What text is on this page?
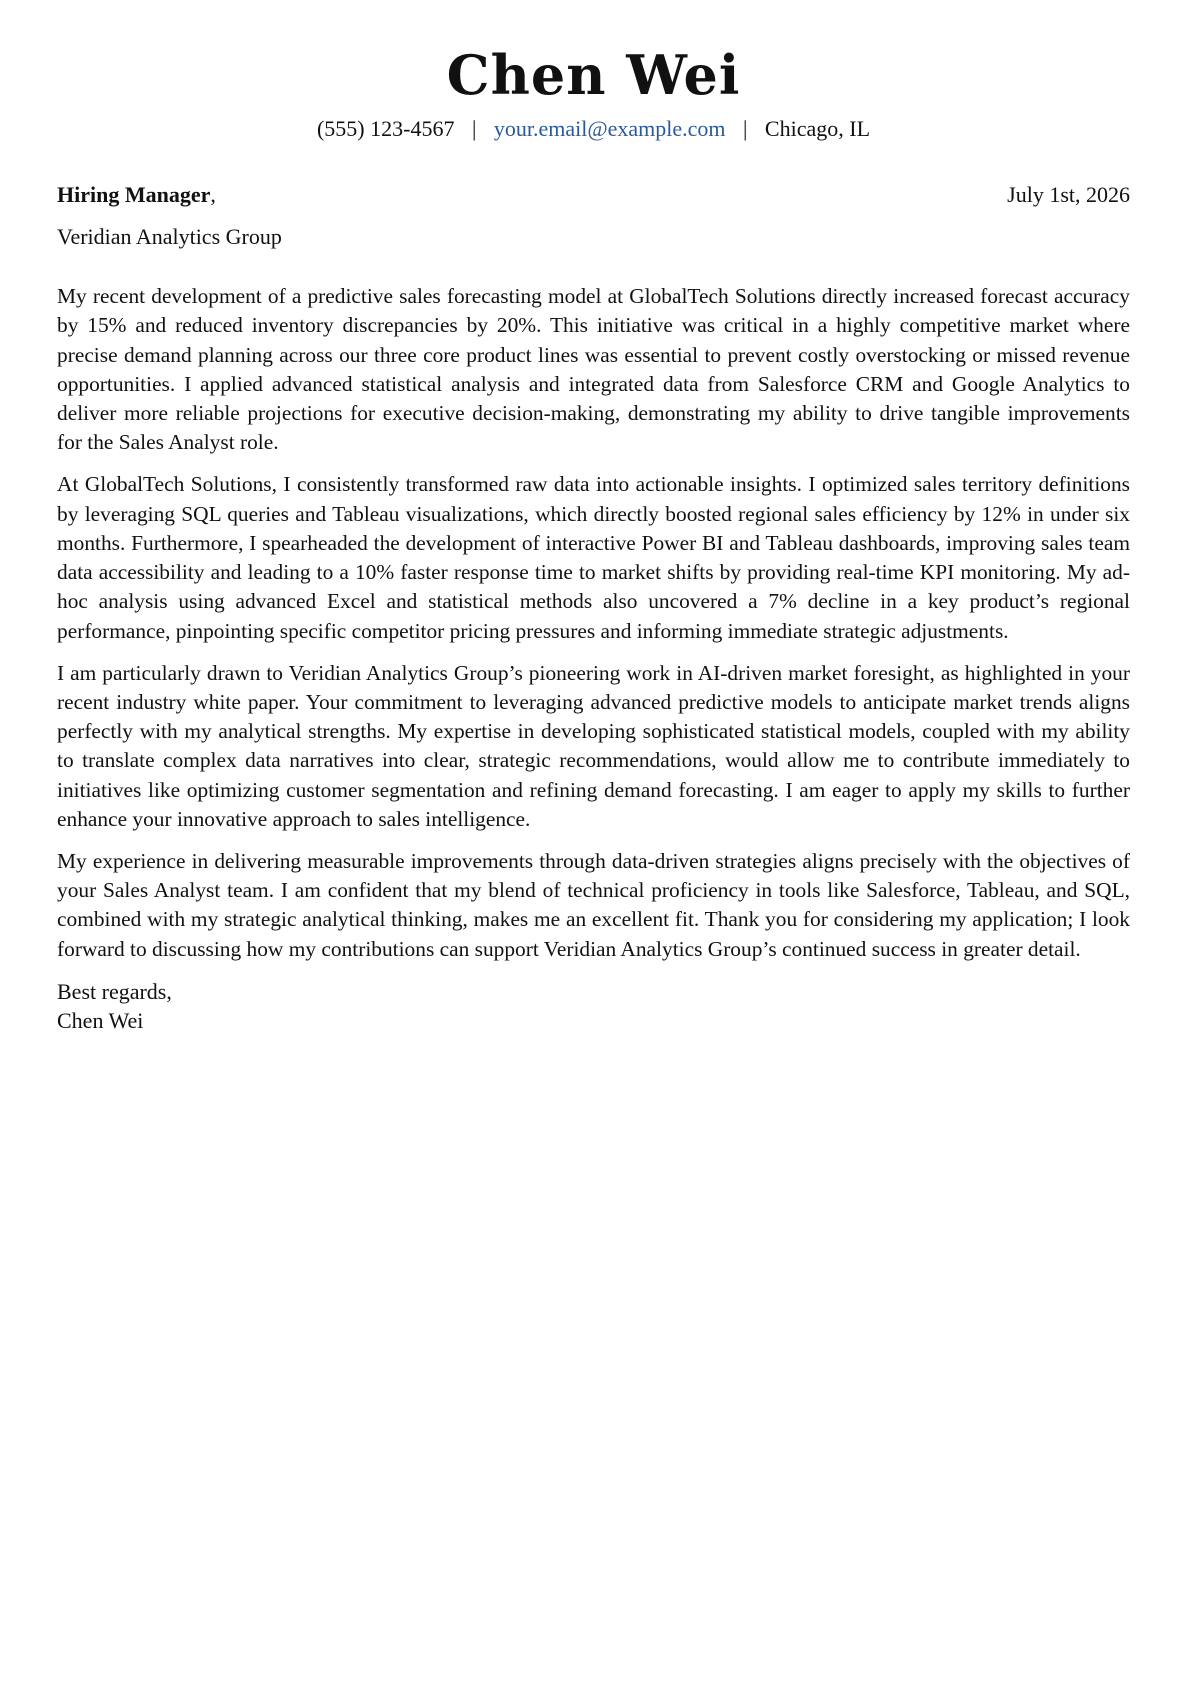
Chen Wei
(555) 123-4567 | your.email@example.com | Chicago, IL
Hiring Manager,	July 1st, 2026
Veridian Analytics Group

My recent development of a predictive sales forecasting model at GlobalTech Solutions directly increased forecast accuracy by 15% and reduced inventory discrepancies by 20%. This initiative was critical in a highly competitive market where precise demand planning across our three core product lines was essential to prevent costly overstocking or missed revenue opportunities. I applied advanced statistical analysis and integrated data from Salesforce CRM and Google Analytics to deliver more reliable projections for executive decision-making, demonstrating my ability to drive tangible improvements for the Sales Analyst role.

At GlobalTech Solutions, I consistently transformed raw data into actionable insights. I optimized sales territory definitions by leveraging SQL queries and Tableau visualizations, which directly boosted regional sales efficiency by 12% in under six months. Furthermore, I spearheaded the development of interactive Power BI and Tableau dashboards, improving sales team data accessibility and leading to a 10% faster response time to market shifts by providing real-time KPI monitoring. My ad-hoc analysis using advanced Excel and statistical methods also uncovered a 7% decline in a key product’s regional performance, pinpointing specific competitor pricing pressures and informing immediate strategic adjustments.

I am particularly drawn to Veridian Analytics Group’s pioneering work in AI-driven market foresight, as highlighted in your recent industry white paper. Your commitment to leveraging advanced predictive models to anticipate market trends aligns perfectly with my analytical strengths. My expertise in developing sophisticated statistical models, coupled with my ability to translate complex data narratives into clear, strategic recommendations, would allow me to contribute immediately to initiatives like optimizing customer segmentation and refining demand forecasting. I am eager to apply my skills to further enhance your innovative approach to sales intelligence.

My experience in delivering measurable improvements through data-driven strategies aligns precisely with the objectives of your Sales Analyst team. I am confident that my blend of technical proficiency in tools like Salesforce, Tableau, and SQL, combined with my strategic analytical thinking, makes me an excellent fit. Thank you for considering my application; I look forward to discussing how my contributions can support Veridian Analytics Group’s continued success in greater detail.

Best regards,
Chen Wei
